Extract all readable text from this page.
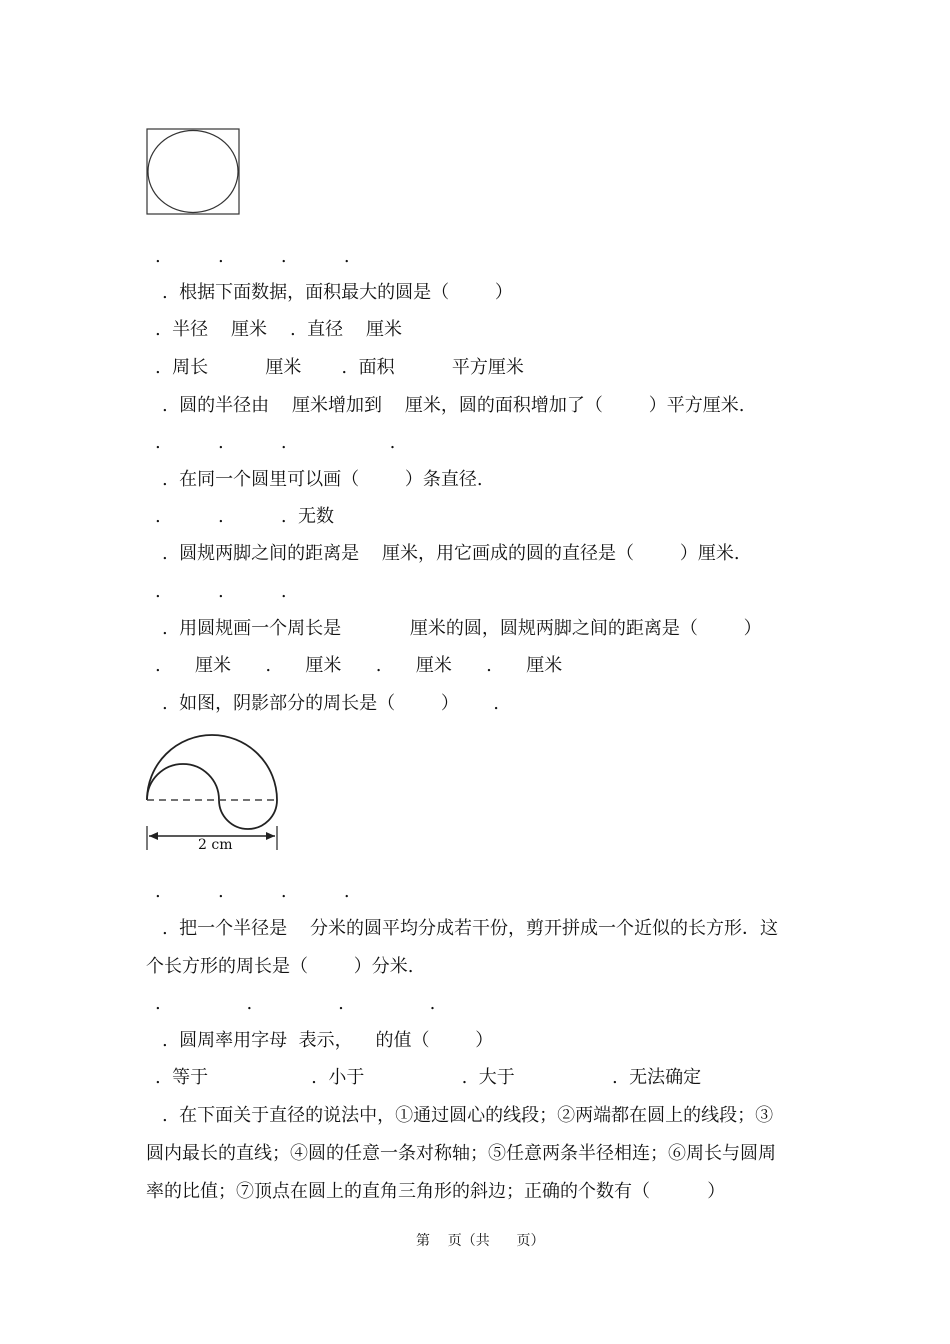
.          .          .          .
.  根据下面数据，面积最大的圆是（        ）
.  半径    厘米    .  直径    厘米
.  周长          厘米       .  面积          平方厘米
.  圆的半径由    厘米增加到    厘米，圆的面积增加了（        ）平方厘米.
.          .          .                  .
.  在同一个圆里可以画（        ）条直径.
.          .          .  无数
.  圆规两脚之间的距离是    厘米，用它画成的圆的直径是（        ）厘米.
.          .          .
.  用圆规画一个周长是            厘米的圆，圆规两脚之间的距离是（        ）
.      厘米      .      厘米      .      厘米      .      厘米
.  如图，阴影部分的周长是（        ）      .
2 cm
.          .          .          .
.  把一个半径是    分米的圆平均分成若干份，剪开拼成一个近似的长方形．这
个长方形的周长是（        ）分米.
.               .               .               .
.  圆周率用字母  表示，    的值（        ）
.  等于                  .  小于                 .  大于                 .  无法确定
.  在下面关于直径的说法中，①通过圆心的线段；②两端都在圆上的线段；③
圆内最长的直线；④圆的任意一条对称轴；⑤任意两条半径相连；⑥周长与圆周
率的比值；⑦顶点在圆上的直角三角形的斜边；正确的个数有（          ）
第    页（共      页）
